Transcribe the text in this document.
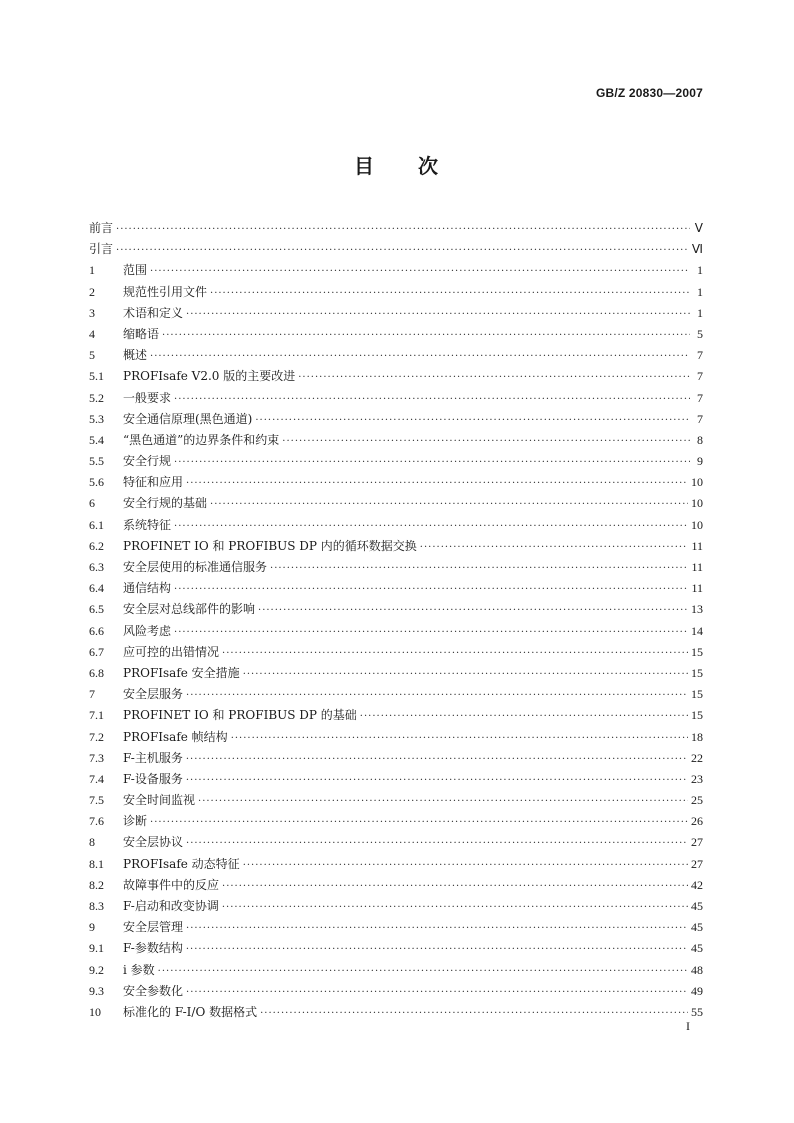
GB/Z 20830—2007
目 次
前言 ·····	Ⅴ
引言 ·····	Ⅵ
1	范围 ·····	1
2	规范性引用文件 ·····	1
3	术语和定义 ·····	1
4	缩略语 ·····	5
5	概述 ·····	7
5.1	PROFIsafe V2.0 版的主要改进 ·····	7
5.2	一般要求 ·····	7
5.3	安全通信原理(黑色通道) ·····	7
5.4	“黑色通道”的边界条件和约束 ·····	8
5.5	安全行规 ·····	9
5.6	特征和应用 ·····	10
6	安全行规的基础 ·····	10
6.1	系统特征 ·····	10
6.2	PROFINET IO 和 PROFIBUS DP 内的循环数据交换 ·····	11
6.3	安全层使用的标准通信服务 ·····	11
6.4	通信结构 ·····	11
6.5	安全层对总线部件的影响 ·····	13
6.6	风险考虑 ·····	14
6.7	应可控的出错情况 ·····	15
6.8	PROFIsafe 安全措施 ·····	15
7	安全层服务 ·····	15
7.1	PROFINET IO 和 PROFIBUS DP 的基础 ·····	15
7.2	PROFIsafe 帧结构 ·····	18
7.3	F-主机服务 ·····	22
7.4	F-设备服务 ·····	23
7.5	安全时间监视 ·····	25
7.6	诊断 ·····	26
8	安全层协议 ·····	27
8.1	PROFIsafe 动态特征 ·····	27
8.2	故障事件中的反应 ·····	42
8.3	F-启动和改变协调 ·····	45
9	安全层管理 ·····	45
9.1	F-参数结构 ·····	45
9.2	i 参数 ·····	48
9.3	安全参数化 ·····	49
10	标准化的 F-I/O 数据格式 ·····	55
I
